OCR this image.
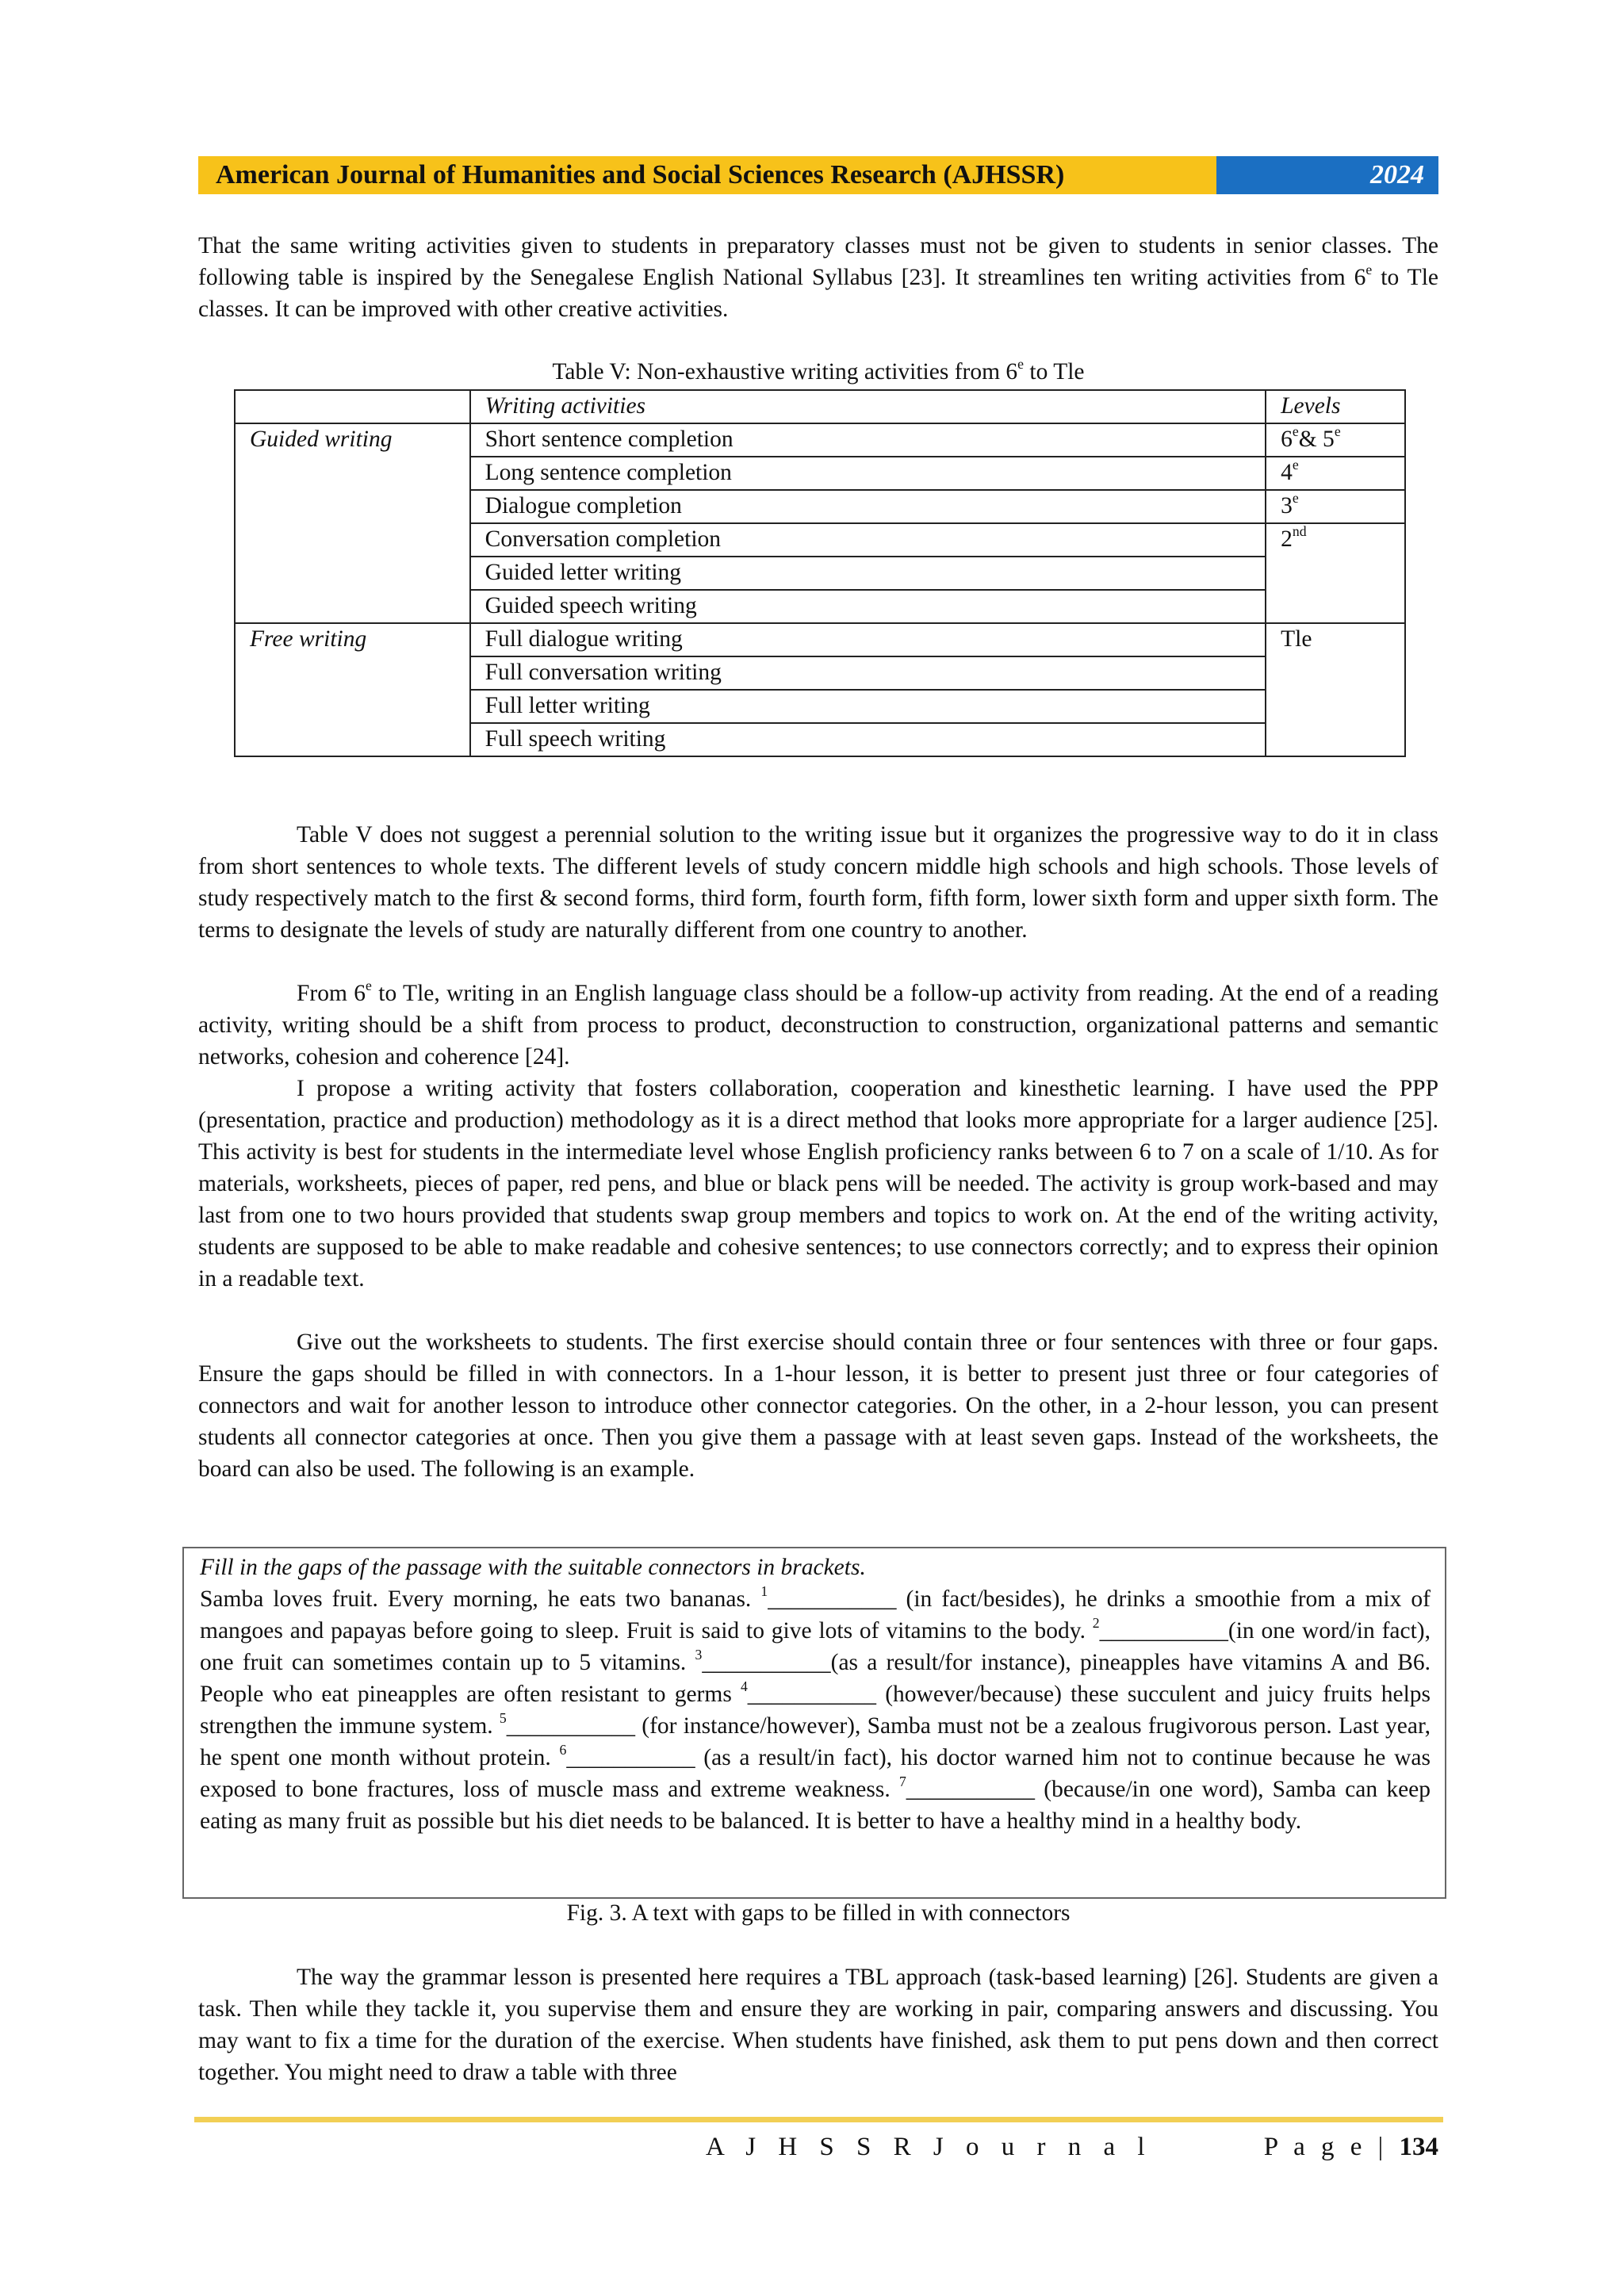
American Journal of Humanities and Social Sciences Research (AJHSSR)	2024

That the same writing activities given to students in preparatory classes must not be given to students in senior classes. The following table is inspired by the Senegalese English National Syllabus [23]. It streamlines ten writing activities from 6e to Tle classes. It can be improved with other creative activities.

Table V: Non-exhaustive writing activities from 6e to Tle
	Writing activities	Levels
Guided writing	Short sentence completion	6e& 5e
	Long sentence completion	4e
	Dialogue completion	3e
	Conversation completion	2nd
	Guided letter writing	
	Guided speech writing	
Free writing	Full dialogue writing	Tle
	Full conversation writing	
	Full letter writing	
	Full speech writing	

Table V does not suggest a perennial solution to the writing issue but it organizes the progressive way to do it in class from short sentences to whole texts. The different levels of study concern middle high schools and high schools. Those levels of study respectively match to the first & second forms, third form, fourth form, fifth form, lower sixth form and upper sixth form. The terms to designate the levels of study are naturally different from one country to another.

From 6e to Tle, writing in an English language class should be a follow-up activity from reading. At the end of a reading activity, writing should be a shift from process to product, deconstruction to construction, organizational patterns and semantic networks, cohesion and coherence [24].

I propose a writing activity that fosters collaboration, cooperation and kinesthetic learning. I have used the PPP (presentation, practice and production) methodology as it is a direct method that looks more appropriate for a larger audience [25]. This activity is best for students in the intermediate level whose English proficiency ranks between 6 to 7 on a scale of 1/10. As for materials, worksheets, pieces of paper, red pens, and blue or black pens will be needed. The activity is group work-based and may last from one to two hours provided that students swap group members and topics to work on. At the end of the writing activity, students are supposed to be able to make readable and cohesive sentences; to use connectors correctly; and to express their opinion in a readable text.

Give out the worksheets to students. The first exercise should contain three or four sentences with three or four gaps. Ensure the gaps should be filled in with connectors. In a 1-hour lesson, it is better to present just three or four categories of connectors and wait for another lesson to introduce other connector categories. On the other, in a 2-hour lesson, you can present students all connector categories at once. Then you give them a passage with at least seven gaps. Instead of the worksheets, the board can also be used. The following is an example.

Fill in the gaps of the passage with the suitable connectors in brackets.

Samba loves fruit. Every morning, he eats two bananas. $^1$___________ (in fact/besides), he drinks a smoothie from a mix of mangoes and papayas before going to sleep. Fruit is said to give lots of vitamins to the body. $^2$___________(in one word/in fact), one fruit can sometimes contain up to 5 vitamins. $^3$___________(as a result/for instance), pineapples have vitamins A and B6. People who eat pineapples are often resistant to germs $^4$___________ (however/because) these succulent and juicy fruits helps strengthen the immune system. $^5$___________ (for instance/however), Samba must not be a zealous frugivorous person. Last year, he spent one month without protein. $^6$___________ (as a result/in fact), his doctor warned him not to continue because he was exposed to bone fractures, loss of muscle mass and extreme weakness. $^7$___________ (because/in one word), Samba can keep eating as many fruit as possible but his diet needs to be balanced. It is better to have a healthy mind in a healthy body.

Fig. 3. A text with gaps to be filled in with connectors

The way the grammar lesson is presented here requires a TBL approach (task-based learning) [26]. Students are given a task. Then while they tackle it, you supervise them and ensure they are working in pair, comparing answers and discussing. You may want to fix a time for the duration of the exercise. When students have finished, ask them to put pens down and then correct together. You might need to draw a table with three

A J H S S R J o u r n a l	P a g e | 134
